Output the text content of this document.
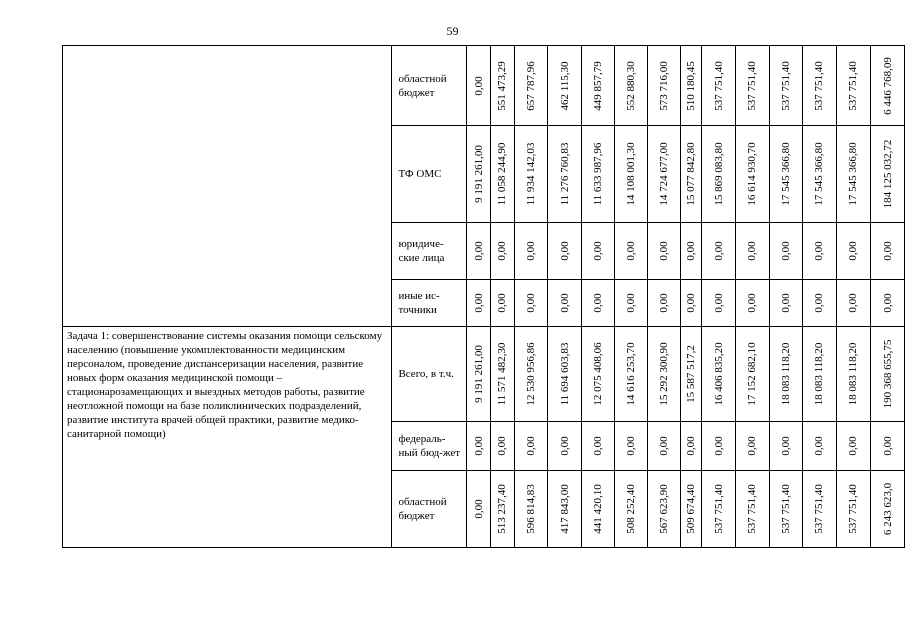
59
	областной бюджет	0,00	551 473,29	657 787,96	462 115,30	449 857,79	552 880,30	573 716,00	510 180,45	537 751,40	537 751,40	537 751,40	537 751,40	537 751,40	6 446 768,09

	ТФ ОМС	9 191 261,00	11 058 244,90	11 934 142,03	11 276 760,83	11 633 987,96	14 108 001,30	14 724 677,00	15 077 842,80	15 869 083,80	16 614 930,70	17 545 366,80	17 545 366,80	17 545 366,80	184 125 032,72

	юридиче-ские лица	0,00	0,00	0,00	0,00	0,00	0,00	0,00	0,00	0,00	0,00	0,00	0,00	0,00	0,00

	иные ис-точники	0,00	0,00	0,00	0,00	0,00	0,00	0,00	0,00	0,00	0,00	0,00	0,00	0,00	0,00

Задача 1: совершенствование системы оказания помощи сельскому населению (повышение укомплектованности медицинским персоналом, проведение диспансеризации населения, развитие новых форм оказания медицинской помощи – стационарозамещающих и выездных методов работы, развитие неотложной помощи на базе поликлинических подразделений, развитие института врачей общей практики, развитие медико-санитарной помощи)	Всего, в т.ч.	9 191 261,00	11 571 482,30	12 530 956,86	11 694 603,83	12 075 408,06	14 616 253,70	15 292 300,90	15 587 517,2	16 406 835,20	17 152 682,10	18 083 118,20	18 083 118,20	18 083 118,20	190 368 655,75

	федераль-ный бюд-жет	0,00	0,00	0,00	0,00	0,00	0,00	0,00	0,00	0,00	0,00	0,00	0,00	0,00	0,00

	областной бюджет	0,00	513 237,40	596 814,83	417 843,00	441 420,10	508 252,40	567 623,90	509 674,40	537 751,40	537 751,40	537 751,40	537 751,40	537 751,40	6 243 623,0
